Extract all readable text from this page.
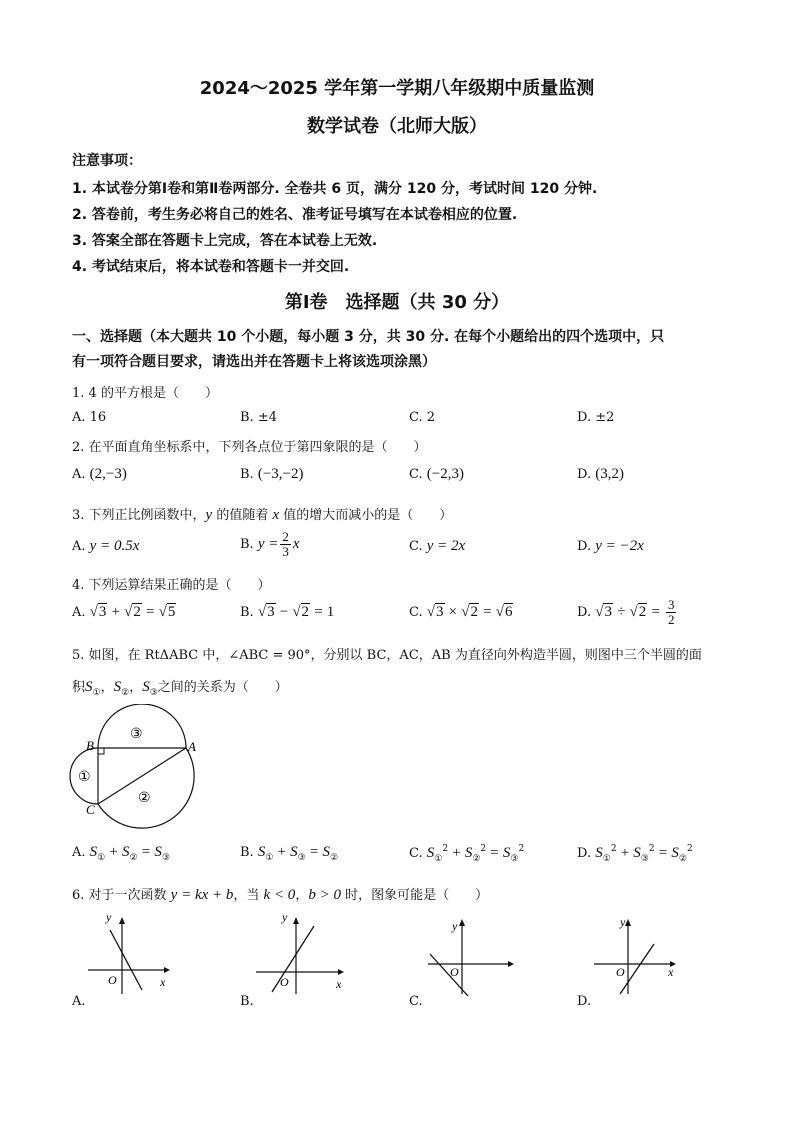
2024～2025 学年第一学期八年级期中质量监测
数学试卷（北师大版）
注意事项：
1. 本试卷分第Ⅰ卷和第Ⅱ卷两部分. 全卷共 6 页，满分 120 分，考试时间 120 分钟.
2. 答卷前，考生务必将自己的姓名、准考证号填写在本试卷相应的位置.
3. 答案全部在答题卡上完成，答在本试卷上无效.
4. 考试结束后，将本试卷和答题卡一并交回.
第Ⅰ卷　选择题（共 30 分）
一、选择题（本大题共 10 个小题，每小题 3 分，共 30 分. 在每个小题给出的四个选项中，只
有一项符合题目要求，请选出并在答题卡上将该选项涂黑）
1. 4 的平方根是（　　）
A. 16	B. ±4	C. 2	D. ±2
2. 在平面直角坐标系中，下列各点位于第四象限的是（　　）
A. (2,−3)	B. (−3,−2)	C. (−2,3)	D. (3,2)
3. 下列正比例函数中，y 的值随着 x 值的增大而减小的是（　　）
A. y = 0.5x	B. $y = \frac{2}{3}$ x	C. y = 2x	D. y = −2x
4. 下列运算结果正确的是（　　）
A. √3 + √2 = √5	B. √3 − √2 = 1	C. √3 × √2 = √6	D. $√3 \div √2 = \frac{3}{2}$
5. 如图，在 RtΔABC 中，∠ABC = 90°，分别以 BC，AC，AB 为直径向外构造半圆，则图中三个半圆的面
积$S_①$，$S_②$，$S_③$之间的关系为（　　）
B	A
C
③
①
②
A. $S_① + S_② = S_③$	B. $S_① + S_③ = S_②$	C. $S_①^2 + S_②^2 = S_③^2$	D. $S_①^2 + S_③^2 = S_②^2$
6. 对于一次函数 y = kx + b，当 k < 0，b > 0 时，图象可能是（　　）
y
x
O
A.
y
x
O
B.
y
O
C.
y
x
O
D.
